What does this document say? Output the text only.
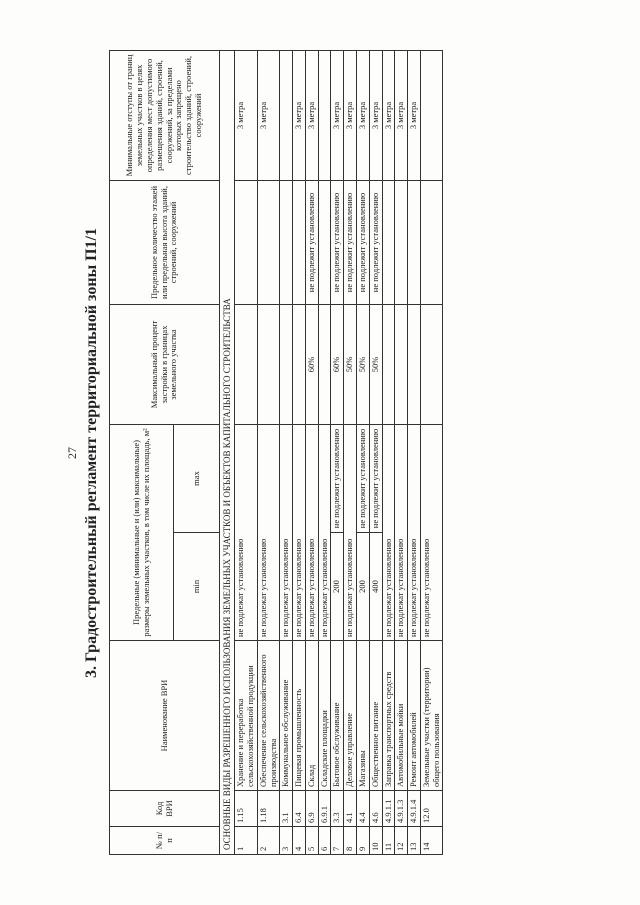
27 3. Градостроительный регламент территориальной зоны П1/1
№ п/п	Код ВРИ	Наименование ВРИ	Предельные (минимальные и (или) максимальные) размеры земельных участков, в том числе их площадь, м²		Максимальный процент застройки в границах земельного участка	Предельное количество этажей или предельная высота зданий, строений, сооружений	Минимальные отступы от границ земельных участков в целях определения мест допустимого размещения зданий, строений, сооружений, за пределами которых запрещено строительство зданий, строений, сооружений
			min	max			
ОСНОВНЫЕ ВИДЫ РАЗРЕШЕННОГО ИСПОЛЬЗОВАНИЯ ЗЕМЕЛЬНЫХ УЧАСТКОВ И ОБЪЕКТОВ КАПИТАЛЬНОГО СТРОИТЕЛЬСТВА							
1	1.15	Хранение и переработка сельскохозяйственной продукции	не подлежат установлению				3 метра
2	1.18	Обеспечение сельскохозяйственного производства	не подлежат установлению				3 метра
3	3.1	Коммунальное обслуживание	не подлежат установлению				
4	6.4	Пищевая промышленность	не подлежат установлению				3 метра
5	6.9	Склад	не подлежат установлению		60%	не подлежит установлению	3 метра
6	6.9.1	Складские площадки	не подлежат установлению				
7	3.3	Бытовое обслуживание	200	не подлежит установлению	60%	не подлежит установлению	3 метра
8	4.1	Деловое управление	не подлежат установлению		50%	не подлежит установлению	3 метра
9	4.4	Магазины	200	не подлежит установлению	50%	не подлежит установлению	3 метра
10	4.6	Общественное питание	400	не подлежит установлению	50%	не подлежит установлению	3 метра
11	4.9.1.1	Заправка транспортных средств	не подлежат установлению				3 метра
12	4.9.1.3	Автомобильные мойки	не подлежат установлению				3 метра
13	4.9.1.4	Ремонт автомобилей	не подлежат установлению				3 метра
14	12.0	Земельные участки (территории) общего пользования	не подлежат установлению				
